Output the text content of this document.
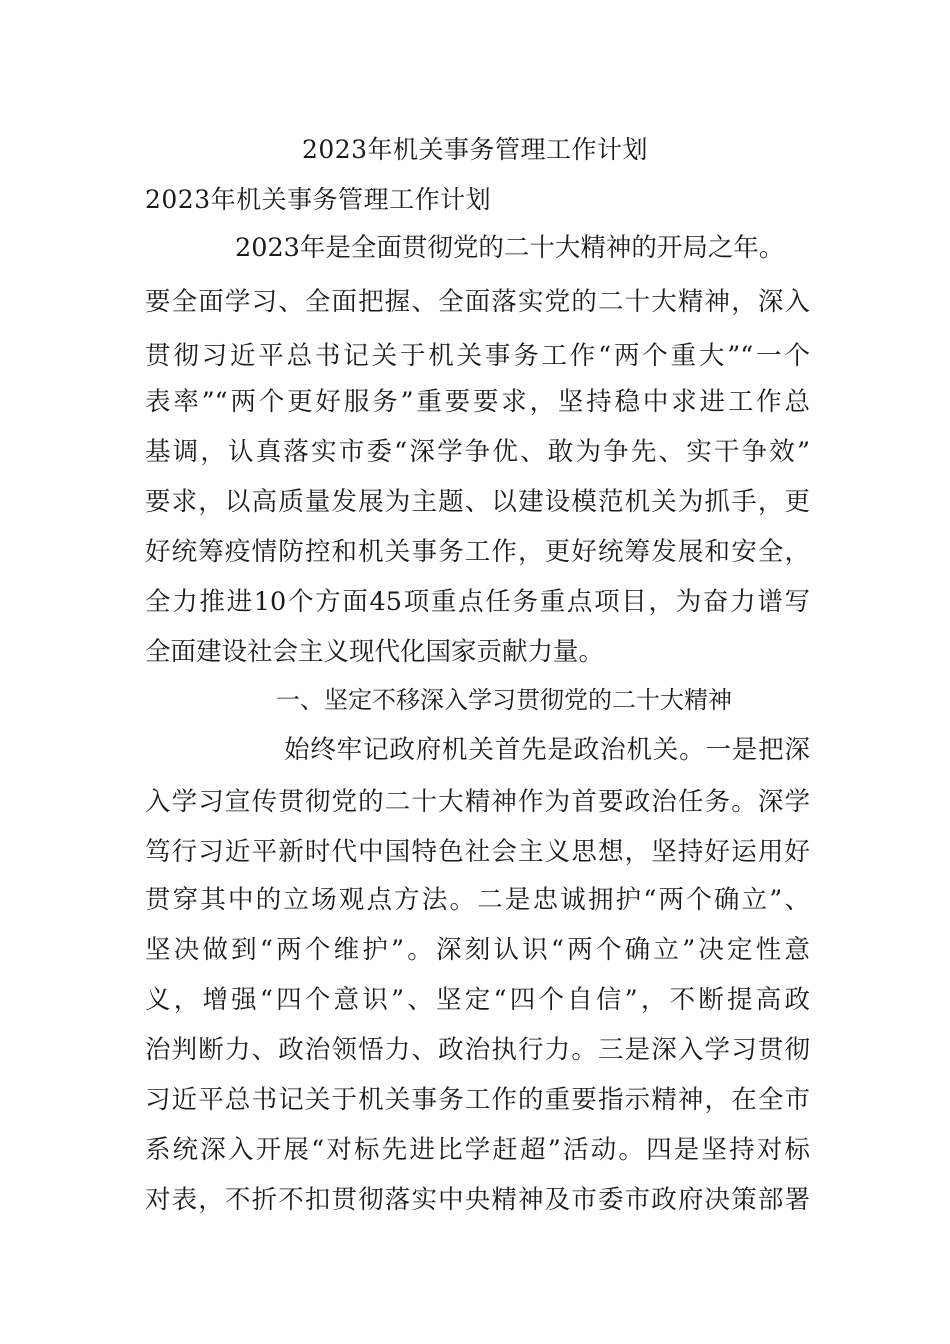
2023年机关事务管理工作计划
2023年机关事务管理工作计划
2023年是全面贯彻党的二十大精神的开局之年。
要全面学习、全面把握、全面落实党的二十大精神，深入
贯彻习近平总书记关于机关事务工作“两个重大”“一个
表率”“两个更好服务”重要要求，坚持稳中求进工作总
基调，认真落实市委“深学争优、敢为争先、实干争效”
要求，以高质量发展为主题、以建设模范机关为抓手，更
好统筹疫情防控和机关事务工作，更好统筹发展和安全，
全力推进10个方面45项重点任务重点项目，为奋力谱写
全面建设社会主义现代化国家贡献力量。
一、坚定不移深入学习贯彻党的二十大精神
始终牢记政府机关首先是政治机关。一是把深
入学习宣传贯彻党的二十大精神作为首要政治任务。深学
笃行习近平新时代中国特色社会主义思想，坚持好运用好
贯穿其中的立场观点方法。二是忠诚拥护“两个确立”、
坚决做到“两个维护”。深刻认识“两个确立”决定性意
义，增强“四个意识”、坚定“四个自信”，不断提高政
治判断力、政治领悟力、政治执行力。三是深入学习贯彻
习近平总书记关于机关事务工作的重要指示精神，在全市
系统深入开展“对标先进比学赶超”活动。四是坚持对标
对表，不折不扣贯彻落实中央精神及市委市政府决策部署
